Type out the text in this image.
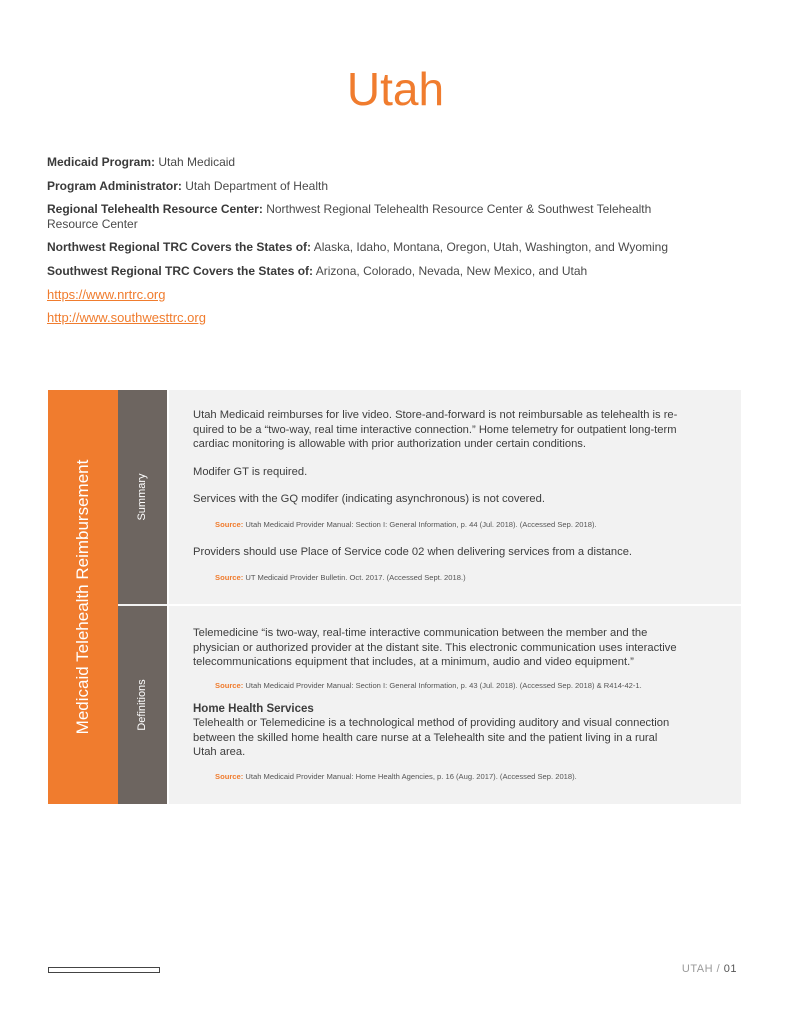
Utah
Medicaid Program: Utah Medicaid
Program Administrator: Utah Department of Health
Regional Telehealth Resource Center: Northwest Regional Telehealth Resource Center & Southwest Telehealth
Resource Center
Northwest Regional TRC Covers the States of: Alaska, Idaho, Montana, Oregon, Utah, Washington, and Wyoming
Southwest Regional TRC Covers the States of: Arizona, Colorado, Nevada, New Mexico, and Utah
https://www.nrtrc.org
http://www.southwesttrc.org
Medicaid Telehealth Reimbursement	Summary
Definitions
Utah Medicaid reimburses for live video. Store-and-forward is not reimbursable as telehealth is re-
quired to be a “two-way, real time interactive connection.” Home telemetry for outpatient long-term
cardiac monitoring is allowable with prior authorization under certain conditions.
Modifer GT is required.
Services with the GQ modifer (indicating asynchronous) is not covered.
Source: Utah Medicaid Provider Manual: Section I: General Information, p. 44 (Jul. 2018). (Accessed Sep. 2018).
Providers should use Place of Service code 02 when delivering services from a distance.
Source: UT Medicaid Provider Bulletin. Oct. 2017. (Accessed Sept. 2018.)
Telemedicine “is two-way, real-time interactive communication between the member and the
physician or authorized provider at the distant site. This electronic communication uses interactive
telecommunications equipment that includes, at a minimum, audio and video equipment.”
Source: Utah Medicaid Provider Manual: Section I: General Information, p. 43 (Jul. 2018). (Accessed Sep. 2018) & R414-42-1.
Home Health Services
Telehealth or Telemedicine is a technological method of providing auditory and visual connection
between the skilled home health care nurse at a Telehealth site and the patient living in a rural
Utah area.
Source: Utah Medicaid Provider Manual: Home Health Agencies, p. 16 (Aug. 2017). (Accessed Sep. 2018).
UTAH / 01
